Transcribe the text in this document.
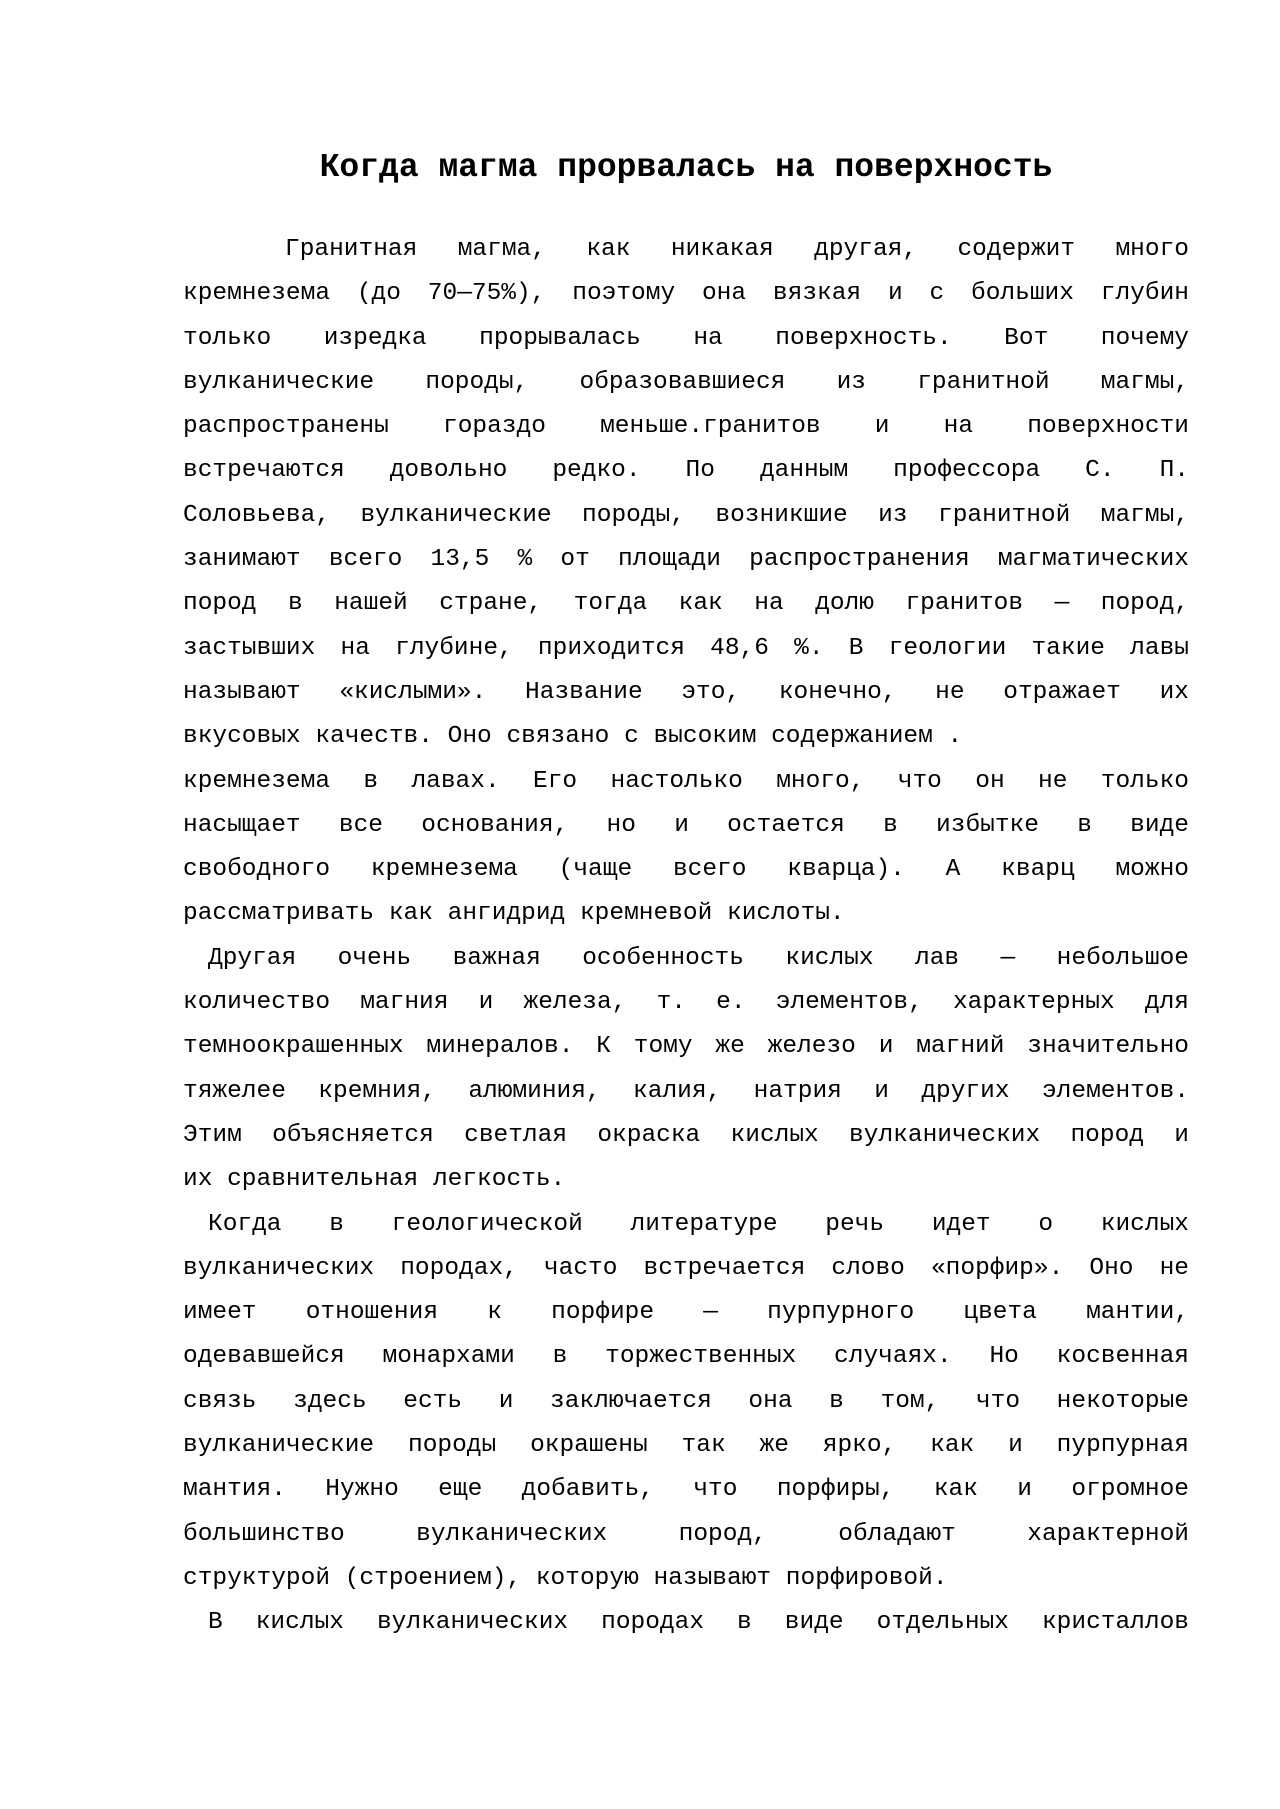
Когда магма прорвалась на поверхность
Гранитная магма, как никакая другая, содержит много
кремнезема (до 70—75%), поэтому она вязкая и с больших глубин
только изредка прорывалась на поверхность. Вот почему
вулканические породы, образовавшиеся из гранитной магмы,
распространены гораздо меньше.гранитов и на поверхности
встречаются довольно редко. По данным профессора С. П.
Соловьева, вулканические породы, возникшие из гранитной магмы,
занимают всего 13,5 % от площади распространения магматических
пород в нашей стране, тогда как на долю гранитов — пород,
застывших на глубине, приходится 48,6 %. В геологии такие лавы
называют «кислыми». Название это, конечно, не отражает их
вкусовых качеств. Оно связано с высоким содержанием .
кремнезема в лавах. Его настолько много, что он не только
насыщает все основания, но и остается в избытке в виде
свободного кремнезема (чаще всего кварца). А кварц можно
рассматривать как ангидрид кремневой кислоты.
Другая очень важная особенность кислых лав — небольшое
количество магния и железа, т. е. элементов, характерных для
темноокрашенных минералов. К тому же железо и магний значительно
тяжелее кремния, алюминия, калия, натрия и других элементов.
Этим объясняется светлая окраска кислых вулканических пород и
их сравнительная легкость.
Когда в геологической литературе речь идет о кислых
вулканических породах, часто встречается слово «порфир». Оно не
имеет отношения к порфире — пурпурного цвета мантии,
одевавшейся монархами в торжественных случаях. Но косвенная
связь здесь есть и заключается она в том, что некоторые
вулканические породы окрашены так же ярко, как и пурпурная
мантия. Нужно еще добавить, что порфиры, как и огромное
большинство вулканических пород, обладают характерной
структурой (строением), которую называют порфировой.
В кислых вулканических породах в виде отдельных кристаллов
